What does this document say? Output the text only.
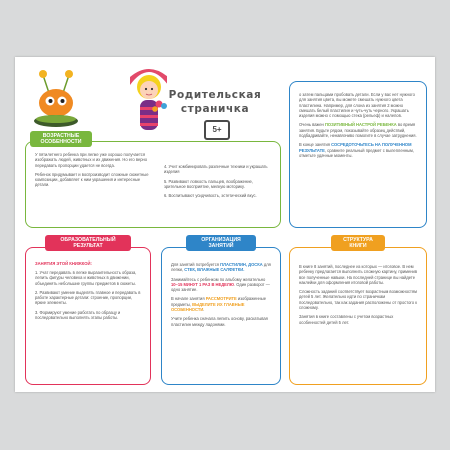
Родительская
страничка
5+

У пятилетнего ребенка при лепке уже хорошо получается изображать людей, животных и их движения. Но его верно передавать пропорции удается не всегда.

Ребенок придумывает и воспроизводит сложные сюжетные композиции, добавляет к ним украшения и интересные детали.

4. Учит комбинировать различные техники и украшать изделия

5. Развивают ловкость пальцев, воображение, зрительное восприятие, мелкую моторику.

6. Воспитывают усидчивость, эстетический вкус.

ВОЗРАСТНЫЕ
ОСОБЕННОСТИ

о затем пальцами пробовать детали. Если у вас нет нужного для занятия цвета, вы можете смешать нужного цвета пластилина. Например, для слона из занятия 2 можно смешать белый пластилин и чуть-чуть черного. Украшать изделия можно с помощью стека (рельеф) и налепов.

Очень важен ПОЗИТИВНЫЙ НАСТРОЙ РЕБЕНКА во время занятия. Будьте рядом, показывайте образец действий, подбадривайте, ненавязчиво помогите в случае затруднения.

В конце занятия СОСРЕДОТОЧЬТЕСЬ НА ПОЛУЧЕННОМ РЕЗУЛЬТАТЕ, сравните реальный предмет с вылепленным, отметьте удачные моменты.

ЗАНЯТИЯ ЭТОЙ КНИЖКОЙ:

1. Учат передавать в лепке выразительность образа, лепить фигуры человека и животных в движении, объединять небольшие группы предметов в сюжеты.

2. Развивают умение выделять главное и передавать в работе характерные детали: строение, пропорции, яркие элементы.

3. Формируют умение работать по образцу и последовательно выполнять этапы работы.

ОБРАЗОВАТЕЛЬНЫЙ
РЕЗУЛЬТАТ

Для занятий потребуется ПЛАСТИЛИН, ДОСКА для лепки, СТЕК, ВЛАЖНЫЕ САЛФЕТКИ.

Занимайтесь с ребенком по альбому желательно 10–15 МИНУТ 1 РАЗ В НЕДЕЛЮ. Один разворот — одно занятие.

В начале занятия РАССМОТРИТЕ изображенные предметы, ВЫДЕЛИТЕ ИХ ГЛАВНЫЕ ОСОБЕННОСТИ.

Учите ребенка сначала лепить основу, раскатывая пластилин между ладонями.

ОРГАНИЗАЦИЯ
ЗАНЯТИЙ

В книге 8 занятий, последнее из которых — итоговое. В нем ребенку предлагается выполнить сложную картину, применив все полученные навыки. На последней странице вы найдете наклейки для оформления итоговой работы.

Сложность заданий соответствует возрастным возможностям детей 5 лет. Желательно идти по страничкам последовательно, так как задания расположены от простого к сложному.

Занятия в книге составлены с учетом возрастных особенностей детей 5 лет.

СТРУКТУРА
КНИГИ
